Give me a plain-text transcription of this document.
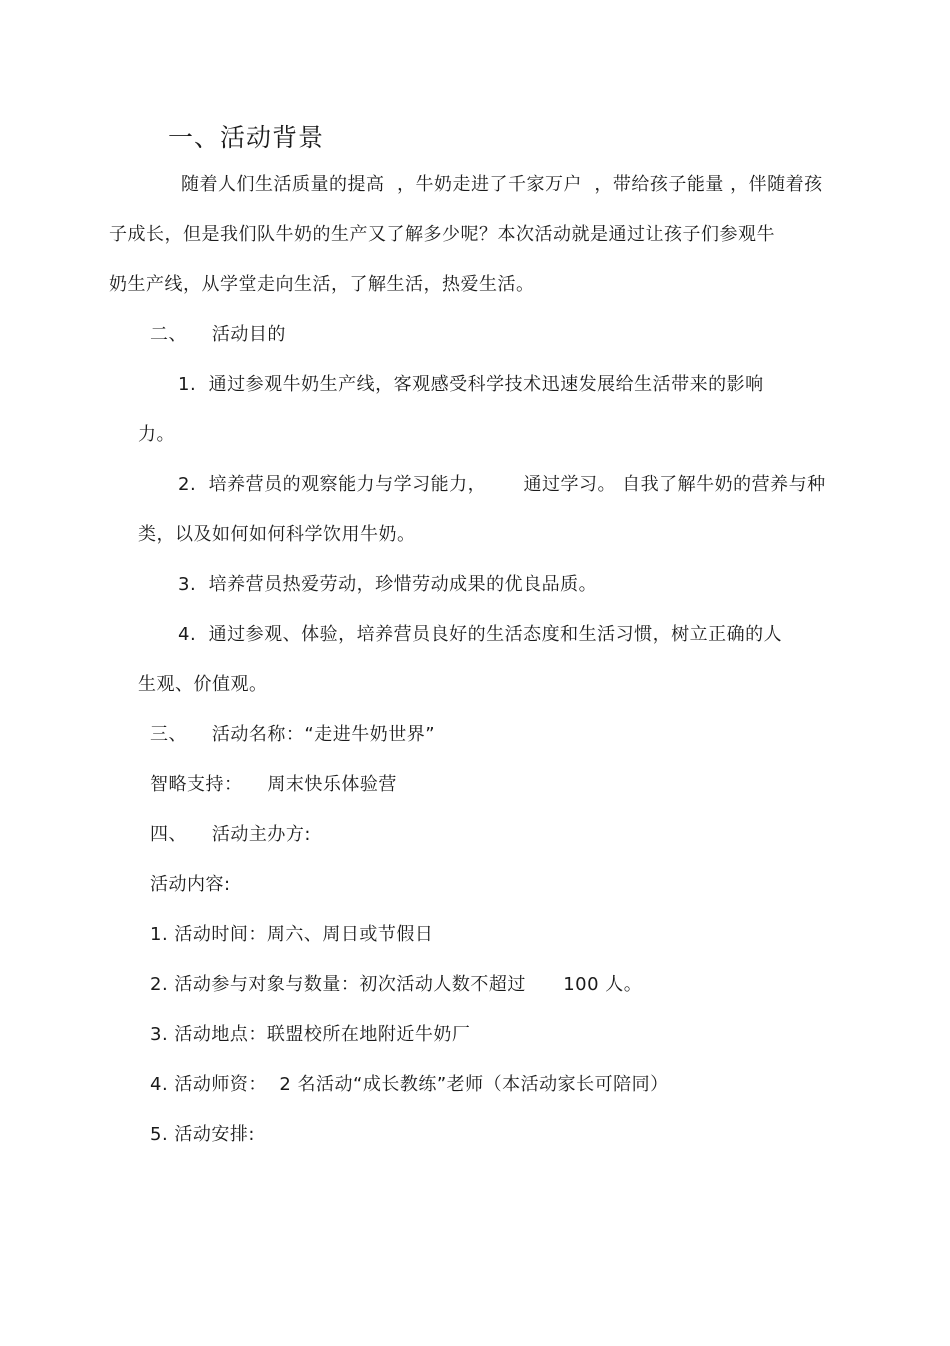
一、活动背景
随着人们生活质量的提高  ，牛奶走进了千家万户  ，带给孩子能量 ，伴随着孩
子成长，但是我们队牛奶的生产又了解多少呢？本次活动就是通过让孩子们参观牛
奶生产线，从学堂走向生活，了解生活，热爱生活。
二、    活动目的
1.  通过参观牛奶生产线，客观感受科学技术迅速发展给生活带来的影响
力。
2.  培养营员的观察能力与学习能力，      通过学习。 自我了解牛奶的营养与种
类，以及如何如何科学饮用牛奶。
3.  培养营员热爱劳动，珍惜劳动成果的优良品质。
4.  通过参观、体验，培养营员良好的生活态度和生活习惯，树立正确的人
生观、价值观。
三、    活动名称：“走进牛奶世界”
智略支持：    周末快乐体验营
四、    活动主办方:
活动内容:
1. 活动时间：周六、周日或节假日
2. 活动参与对象与数量：初次活动人数不超过      100 人。
3. 活动地点：联盟校所在地附近牛奶厂
4. 活动师资：  2 名活动“成长教练”老师（本活动家长可陪同）
5. 活动安排:
